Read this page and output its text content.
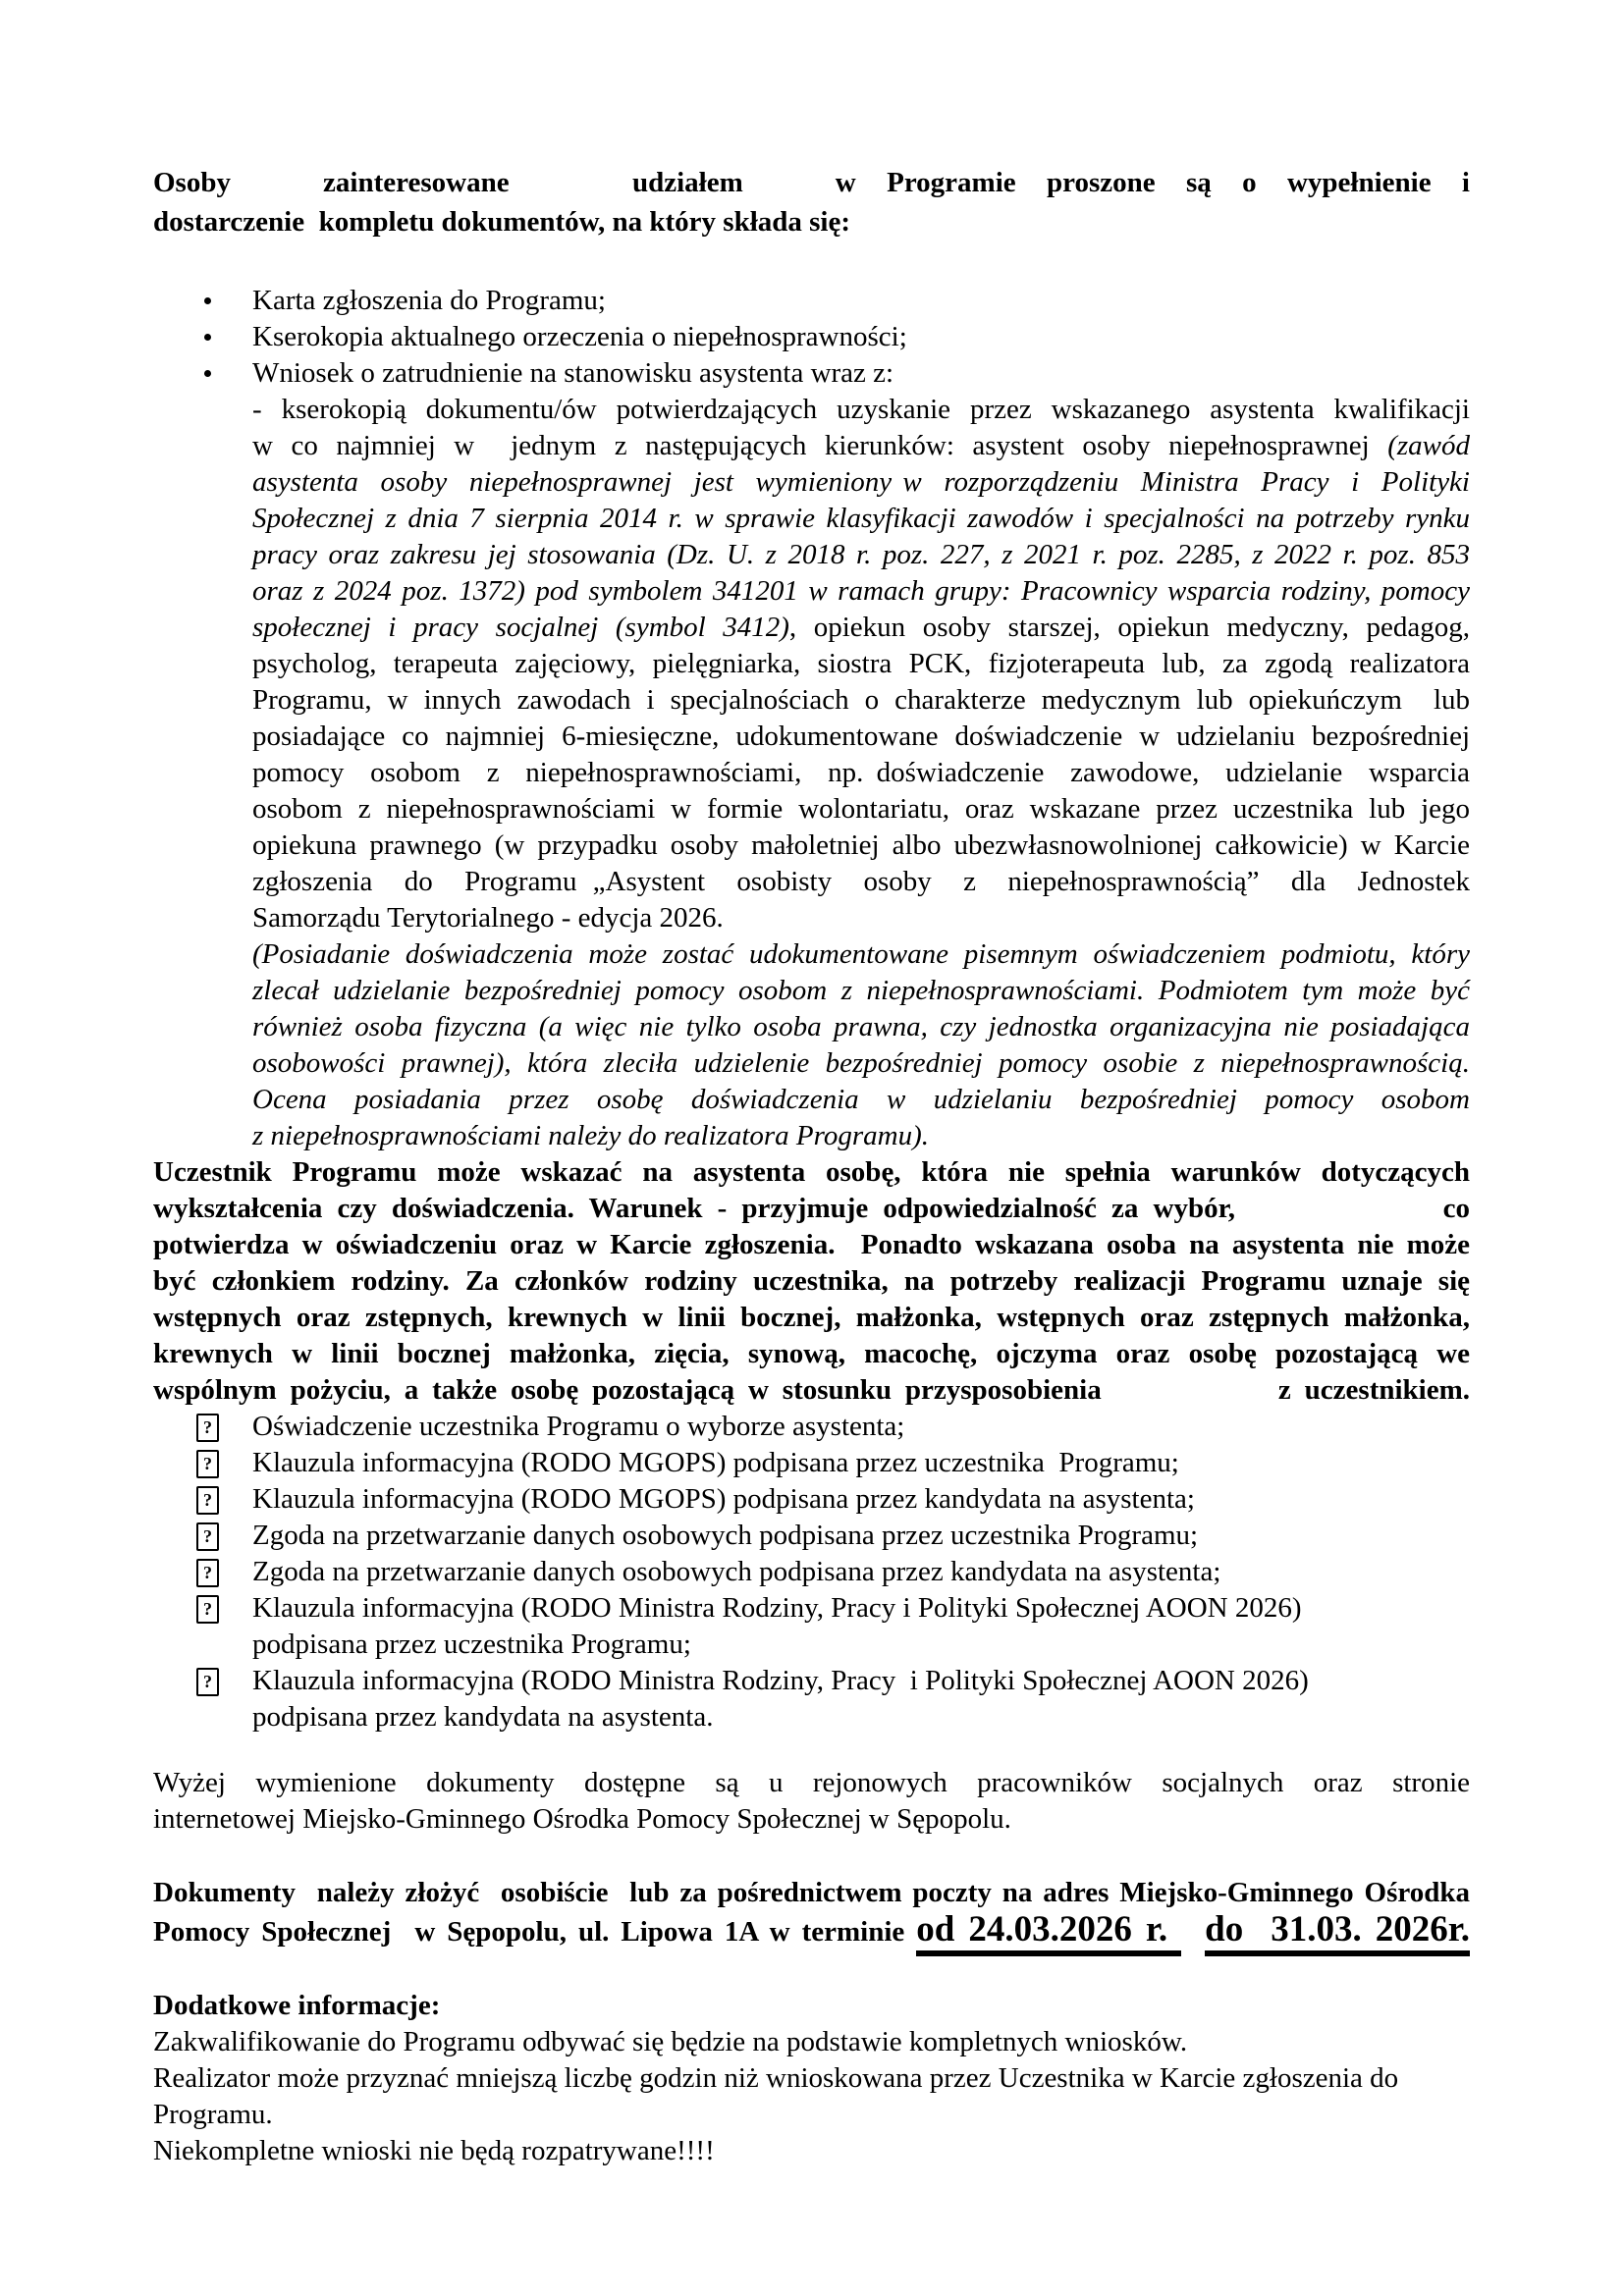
Osoby   zainteresowane    udziałem   w Programie proszone są o wypełnienie i
dostarczenie  kompletu dokumentów, na który składa się:
Karta zgłoszenia do Programu;
Kserokopia aktualnego orzeczenia o niepełnosprawności;
Wniosek o zatrudnienie na stanowisku asystenta wraz z:
- kserokopią dokumentu/ów potwierdzających uzyskanie przez wskazanego asystenta kwalifikacji
w co najmniej w  jednym z następujących kierunków: asystent osoby niepełnosprawnej (zawód
asystenta  osoby  niepełnosprawnej  jest  wymieniony w  rozporządzeniu  Ministra  Pracy  i  Polityki
Społecznej z dnia 7 sierpnia 2014 r. w sprawie klasyfikacji zawodów i specjalności na potrzeby rynku
pracy oraz zakresu jej stosowania (Dz. U. z 2018 r. poz. 227, z 2021 r. poz. 2285, z 2022 r. poz. 853
oraz z 2024 poz. 1372) pod symbolem 341201 w ramach grupy: Pracownicy wsparcia rodziny, pomocy
społecznej i pracy socjalnej (symbol 3412), opiekun osoby starszej, opiekun medyczny, pedagog,
psycholog, terapeuta zajęciowy, pielęgniarka, siostra PCK, fizjoterapeuta lub, za zgodą realizatora
Programu, w innych zawodach i specjalnościach o charakterze medycznym lub opiekuńczym  lub
posiadające co najmniej 6-miesięczne, udokumentowane doświadczenie w udzielaniu bezpośredniej
pomocy  osobom  z  niepełnosprawnościami,  np. doświadczenie  zawodowe,  udzielanie  wsparcia
osobom z niepełnosprawnościami w formie wolontariatu, oraz wskazane przez uczestnika lub jego
opiekuna prawnego (w przypadku osoby małoletniej albo ubezwłasnowolnionej całkowicie) w Karcie
zgłoszenia  do  Programu „Asystent  osobisty  osoby  z  niepełnosprawnością”  dla  Jednostek
Samorządu Terytorialnego - edycja 2026.
(Posiadanie doświadczenia może zostać udokumentowane pisemnym oświadczeniem podmiotu, który
zlecał udzielanie bezpośredniej pomocy osobom z niepełnosprawnościami. Podmiotem tym może być
również osoba fizyczna (a więc nie tylko osoba prawna, czy jednostka organizacyjna nie posiadająca
osobowości prawnej), która zleciła udzielenie bezpośredniej pomocy osobie z niepełnosprawnością.
Ocena  posiadania  przez  osobę  doświadczenia  w  udzielaniu  bezpośredniej  pomocy  osobom
z niepełnosprawnościami należy do realizatora Programu).
Uczestnik Programu może wskazać na asystenta osobę, która nie spełnia warunków dotyczących
wykształcenia czy doświadczenia. Warunek - przyjmuje odpowiedzialność za wybór,              co
potwierdza w oświadczeniu oraz w Karcie zgłoszenia.  Ponadto wskazana osoba na asystenta nie może
być członkiem rodziny. Za członków rodziny uczestnika, na potrzeby realizacji Programu uznaje się
wstępnych oraz zstępnych, krewnych w linii bocznej, małżonka, wstępnych oraz zstępnych małżonka,
krewnych w linii bocznej małżonka, zięcia, synową, macochę, ojczyma oraz osobę pozostającą we
wspólnym pożyciu, a także osobę pozostającą w stosunku przysposobienia             z uczestnikiem.
? Oświadczenie uczestnika Programu o wyborze asystenta;
? Klauzula informacyjna (RODO MGOPS) podpisana przez uczestnika  Programu;
? Klauzula informacyjna (RODO MGOPS) podpisana przez kandydata na asystenta;
? Zgoda na przetwarzanie danych osobowych podpisana przez uczestnika Programu;
? Zgoda na przetwarzanie danych osobowych podpisana przez kandydata na asystenta;
? Klauzula informacyjna (RODO Ministra Rodziny, Pracy i Polityki Społecznej AOON 2026)
podpisana przez uczestnika Programu;
? Klauzula informacyjna (RODO Ministra Rodziny, Pracy  i Polityki Społecznej AOON 2026)
podpisana przez kandydata na asystenta.
Wyżej wymienione dokumenty dostępne są u rejonowych pracowników socjalnych oraz stronie
internetowej Miejsko-Gminnego Ośrodka Pomocy Społecznej w Sępopolu.
Dokumenty  należy złożyć  osobiście  lub za pośrednictwem poczty na adres Miejsko-Gminnego Ośrodka
Pomocy Społecznej  w Sępopolu, ul. Lipowa 1A w terminie od 24.03.2026 r.   do  31.03. 2026r.
Dodatkowe informacje:
Zakwalifikowanie do Programu odbywać się będzie na podstawie kompletnych wniosków.
Realizator może przyznać mniejszą liczbę godzin niż wnioskowana przez Uczestnika w Karcie zgłoszenia do
Programu.
Niekompletne wnioski nie będą rozpatrywane!!!!
